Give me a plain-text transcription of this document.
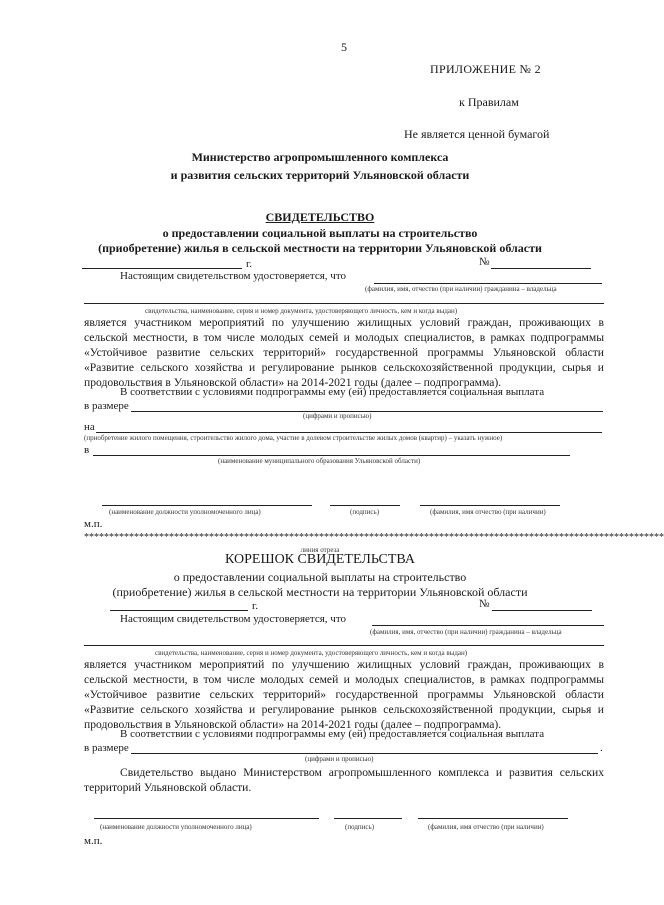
5
ПРИЛОЖЕНИЕ № 2
к Правилам
Не является ценной бумагой
Министерство агропромышленного комплекса
и развития сельских территорий Ульяновской области
СВИДЕТЕЛЬСТВО
о предоставлении социальной выплаты на строительство
(приобретение) жилья в сельской местности на территории Ульяновской области
г.	№
Настоящим свидетельством удостоверяется, что
(фамилия, имя, отчество (при наличии) гражданина – владельца
свидетельства, наименование, серия и номер документа, удостоверяющего личность, кем и когда выдан)
является участником мероприятий по улучшению жилищных условий граждан, проживающих в сельской местности, в том числе молодых семей и молодых специалистов, в рамках подпрограммы «Устойчивое развитие сельских территорий» государственной программы Ульяновской области «Развитие сельского хозяйства и регулирование рынков сельскохозяйственной продукции, сырья и продовольствия в Ульяновской области» на 2014-2021 годы (далее – подпрограмма).
В соответствии с условиями подпрограммы ему (ей) предоставляется социальная выплата
в размере
(цифрами и прописью)
на
(приобретение жилого помещения, строительство жилого дома, участие в долевом строительстве жилых домов (квартир) – указать нужное)
в
(наименование муниципального образования Ульяновской области)
(наименование должности уполномоченного лица)	(подпись)	(фамилия, имя отчество (при наличии)
м.п.
********************************************************************************************************************
линия отреза
КОРЕШОК СВИДЕТЕЛЬСТВА
о предоставлении социальной выплаты на строительство
(приобретение) жилья в сельской местности на территории Ульяновской области
г.	№
Настоящим свидетельством удостоверяется, что
(фамилия, имя, отчество (при наличии) гражданина – владельца
свидетельства, наименование, серия и номер документа, удостоверяющего личность, кем и когда выдан)
является участником мероприятий по улучшению жилищных условий граждан, проживающих в сельской местности, в том числе молодых семей и молодых специалистов, в рамках подпрограммы «Устойчивое развитие сельских территорий» государственной программы Ульяновской области «Развитие сельского хозяйства и регулирование рынков сельскохозяйственной продукции, сырья и продовольствия в Ульяновской области» на 2014-2021 годы (далее – подпрограмма).
В соответствии с условиями подпрограммы ему (ей) предоставляется социальная выплата
в размере	.
(цифрами и прописью)
Свидетельство выдано Министерством агропромышленного комплекса и развития сельских территорий Ульяновской области.
(наименование должности уполномоченного лица)	(подпись)	(фамилия, имя отчество (при наличии)
м.п.
